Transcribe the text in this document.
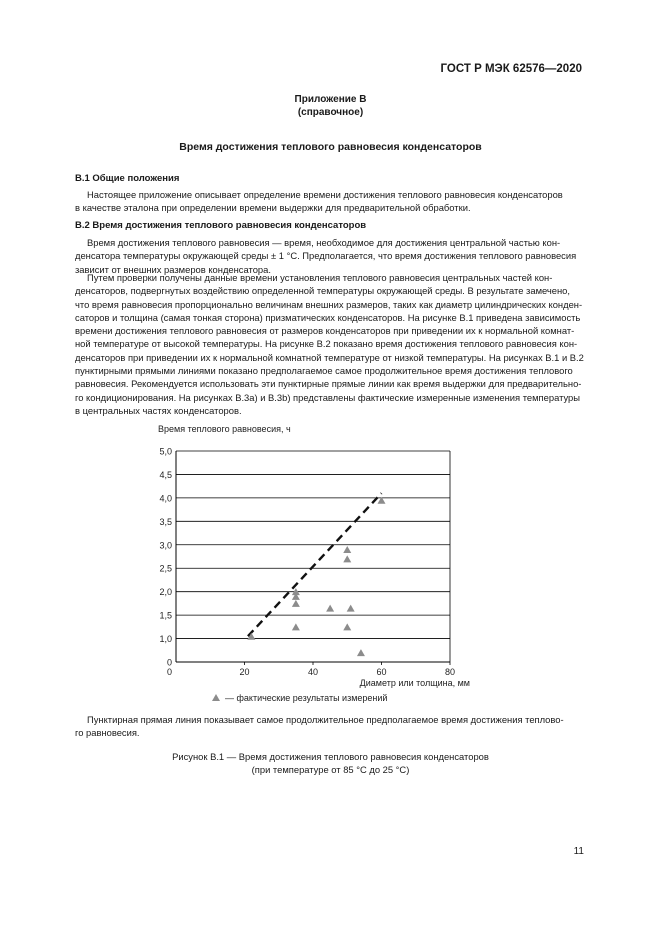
ГОСТ Р МЭК 62576—2020
Приложение В
(справочное)
Время достижения теплового равновесия конденсаторов
В.1 Общие положения

Настоящее приложение описывает определение времени достижения теплового равновесия конденсаторов
в качестве эталона при определении времени выдержки для предварительной обработки.

В.2 Время достижения теплового равновесия конденсаторов

Время достижения теплового равновесия — время, необходимое для достижения центральной частью кон-
денсатора температуры окружающей среды ± 1 °С. Предполагается, что время достижения теплового равновесия
зависит от внешних размеров конденсатора.

Путем проверки получены данные времени установления теплового равновесия центральных частей кон-
денсаторов, подвергнутых воздействию определенной температуры окружающей среды. В результате замечено,
что время равновесия пропорционально величинам внешних размеров, таких как диаметр цилиндрических конден-
саторов и толщина (самая тонкая сторона) призматических конденсаторов. На рисунке В.1 приведена зависимость
времени достижения теплового равновесия от размеров конденсаторов при приведении их к нормальной комнат-
ной температуре от высокой температуры. На рисунке В.2 показано время достижения теплового равновесия кон-
денсаторов при приведении их к нормальной комнатной температуре от низкой температуры. На рисунках В.1 и В.2
пунктирными прямыми линиями показано предполагаемое самое продолжительное время достижения теплового
равновесия. Рекомендуется использовать эти пунктирные прямые линии как время выдержки для предварительно-
го кондиционирования. На рисунках В.3а) и В.3b) представлены фактические измеренные изменения температуры
в центральных частях конденсаторов.

0
1,0
1,5
2,0
2,5
3,0
3,5
4,0
4,5
5,0
0	20	40	60	80
Время теплового равновесия, ч
Диаметр или толщина, мм
— фактические результаты измерений
Пунктирная прямая линия показывает самое продолжительное предполагаемое время достижения теплово-
го равновесия.
Рисунок В.1 — Время достижения теплового равновесия конденсаторов
(при температуре от 85 °С до 25 °С)
11
